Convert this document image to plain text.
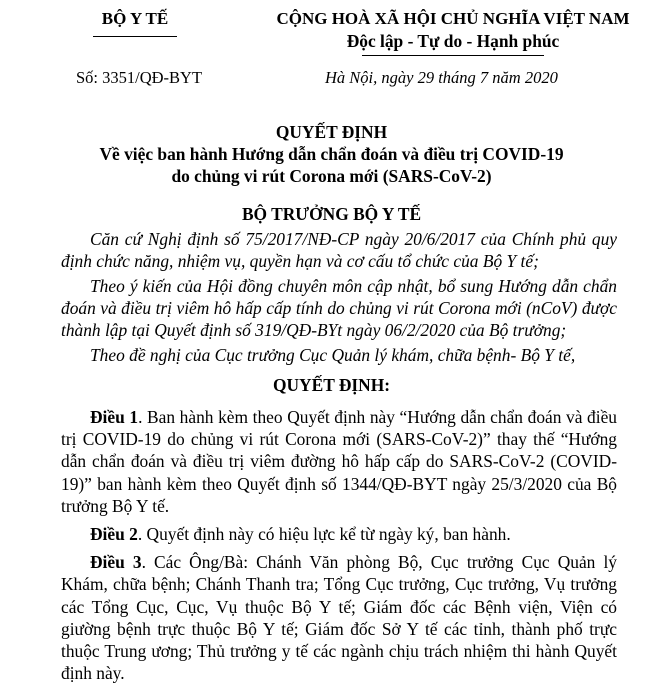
BỘ Y TẾ
Số: 3351/QĐ-BYT
CỘNG HOÀ XÃ HỘI CHỦ NGHĨA VIỆT NAM
Độc lập - Tự do - Hạnh phúc
Hà Nội, ngày 29 tháng 7 năm 2020
QUYẾT ĐỊNH
Về việc ban hành Hướng dẫn chẩn đoán và điều trị COVID-19
do chủng vi rút Corona mới (SARS-CoV-2)
BỘ TRƯỞNG BỘ Y TẾ

Căn cứ Nghị định số 75/2017/NĐ-CP ngày 20/6/2017 của Chính phủ quy định chức năng, nhiệm vụ, quyền hạn và cơ cấu tổ chức của Bộ Y tế;

Theo ý kiến của Hội đồng chuyên môn cập nhật, bổ sung Hướng dẫn chẩn đoán và điều trị viêm hô hấp cấp tính do chủng vi rút Corona mới (nCoV) được thành lập tại Quyết định số 319/QĐ-BYt ngày 06/2/2020 của Bộ trưởng;

Theo đề nghị của Cục trưởng Cục Quản lý khám, chữa bệnh- Bộ Y tế,

QUYẾT ĐỊNH:

Điều 1. Ban hành kèm theo Quyết định này “Hướng dẫn chẩn đoán và điều trị COVID-19 do chủng vi rút Corona mới (SARS-CoV-2)” thay thế “Hướng dẫn chẩn đoán và điều trị viêm đường hô hấp cấp do SARS-CoV-2 (COVID-19)” ban hành kèm theo Quyết định số 1344/QĐ-BYT ngày 25/3/2020 của Bộ trưởng Bộ Y tế.

Điều 2. Quyết định này có hiệu lực kể từ ngày ký, ban hành.

Điều 3. Các Ông/Bà: Chánh Văn phòng Bộ, Cục trưởng Cục Quản lý Khám, chữa bệnh; Chánh Thanh tra; Tổng Cục trưởng, Cục trưởng, Vụ trưởng các Tổng Cục, Cục, Vụ thuộc Bộ Y tế; Giám đốc các Bệnh viện, Viện có giường bệnh trực thuộc Bộ Y tế; Giám đốc Sở Y tế các tỉnh, thành phố trực thuộc Trung ương; Thủ trưởng y tế các ngành chịu trách nhiệm thi hành Quyết định này.
